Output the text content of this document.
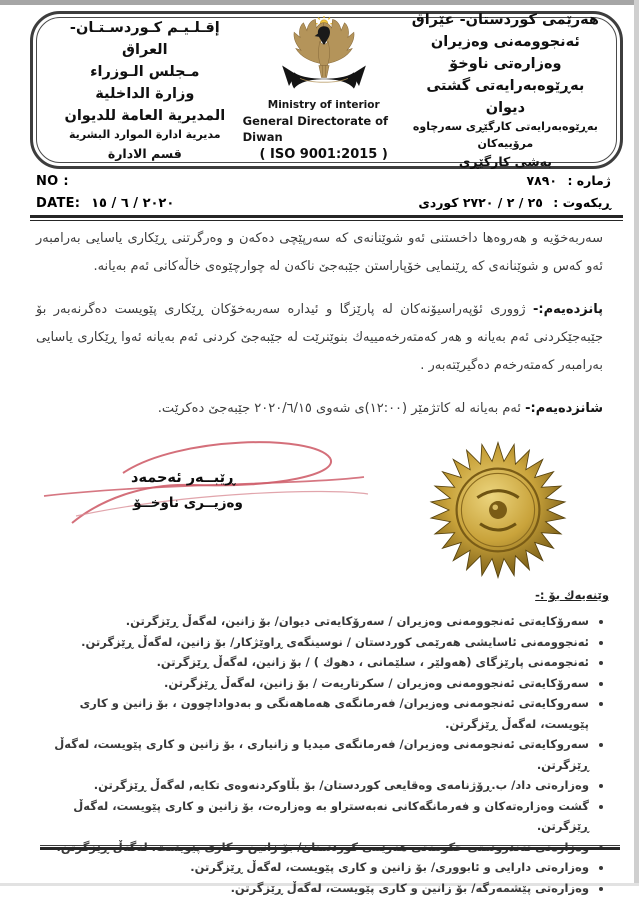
إقـلـيـم كـوردسـتـان- العراق
مـجلس الـوزراء
وزارة الداخلية
المديرية العامة للديوان
مديرية ادارة الموارد البشرية
قسم الادارة
Ministry of interior
General Directorate of Diwan
( ISO 9001:2015 )
هەرێمی کوردستان- عێراق
ئەنجوومەنی وەزیران
وەزارەتی ناوخۆ
بەڕێوەبەرایەتی گشتی دیوان
بەڕێوەبەرایەتی کارگێڕی سەرچاوە مرۆییەکان
بەشی کارگێڕی
NO :	ژمارە : ٧٨٩٠
DATE: ٢٠٢٠ / ٦ / ١٥	ڕیکەوت : ٢٥ / ٢ / ٢٧٢٠ کوردی

سەربەخۆیە و هەروەها داخستنی ئەو شوێنانەی کە سەرپێچی دەکەن و وەرگرتنی ڕێکاری یاسایی بەرامبەر ئەو کەس و شوێنانەی کە ڕێنمایی خۆپاراستن جێبەجێ ناکەن لە چوارچێوەی خاڵەکانی ئەم بەیانە.

پانزدەیەم:- ژووری ئۆپەراسیۆنەکان لە پارێزگا و ئیدارە سەربەخۆکان ڕێکاری پێویست دەگرنەبەر بۆ جێبەجێکردنی ئەم بەیانە و هەر کەمتەرخەمییەك بنوێنرێت لە جێبەجێ کردنی ئەم بەیانە ئەوا ڕێکاری یاسایی بەرامبەر کەمتەرخەم دەگیرێتەبەر .

شانزدەیەم:- ئەم بەیانە لە کاتژمێر (١٢:٠٠)ی شەوی ٢٠٢٠/٦/١٥ جێبەجێ دەکرێت.

ڕێبــەر ئەحمەد
وەزیــری ناوخــۆ
وێنەیەك بۆ :-
• سەرۆکایەتی ئەنجوومەنی وەزیران / سەرۆکایەتی دیوان/ بۆ زانین، لەگەڵ ڕێزگرتن.
• ئەنجوومەنی ئاسایشی هەرێمی کوردستان / نوسینگەی ڕاوێژکار/ بۆ زانین، لەگەڵ ڕێزگرتن.
• ئەنجومەنی پارێزگای (هەولێر ، سلێمانی ، دهوك ) / بۆ زانین، لەگەڵ ڕێزگرتن.
• سەرۆکایەتی ئەنجوومەنی وەزیران / سکرتاریەت / بۆ زانین، لەگەڵ ڕێزگرتن.
• سەروکایەتی ئەنجومەنی وەزیران/ فەرمانگەی هەماهەنگی و بەدواداچوون ، بۆ زانین و کاری پێویست، لەگەڵ ڕێزگرتن.
• سەروکایەتی ئەنجومەنی وەزیران/ فەرمانگەی میدیا و زانیاری ، بۆ زانین و کاری پێویست، لەگەڵ ڕێزگرتن.
• وەزارەتی داد/ ب.ڕۆژنامەی وەقایعی کوردستان/ بۆ بڵاوکردنەوەی تکایە, لەگەڵ ڕێزگرتن.
• گشت وەزارەتەکان و فەرمانگەکانی نەبەستراو بە وەزارەت، بۆ زانین و کاری پێویست، لەگەڵ ڕێزگرتن.
• وەزارەتی تەندروستی حکومەتی هەرێمی کوردستان/ بۆ زانین و کاری پێویست، لەگەڵ ڕێزگرتن.
• وەزارەتی دارایی و ئابووری/ بۆ زانین و کاری پێویست، لەگەڵ ڕێزگرتن.
• وەزارەتی پێشمەرگە/ بۆ زانین و کاری پێویست، لەگەڵ ڕێزگرتن.
